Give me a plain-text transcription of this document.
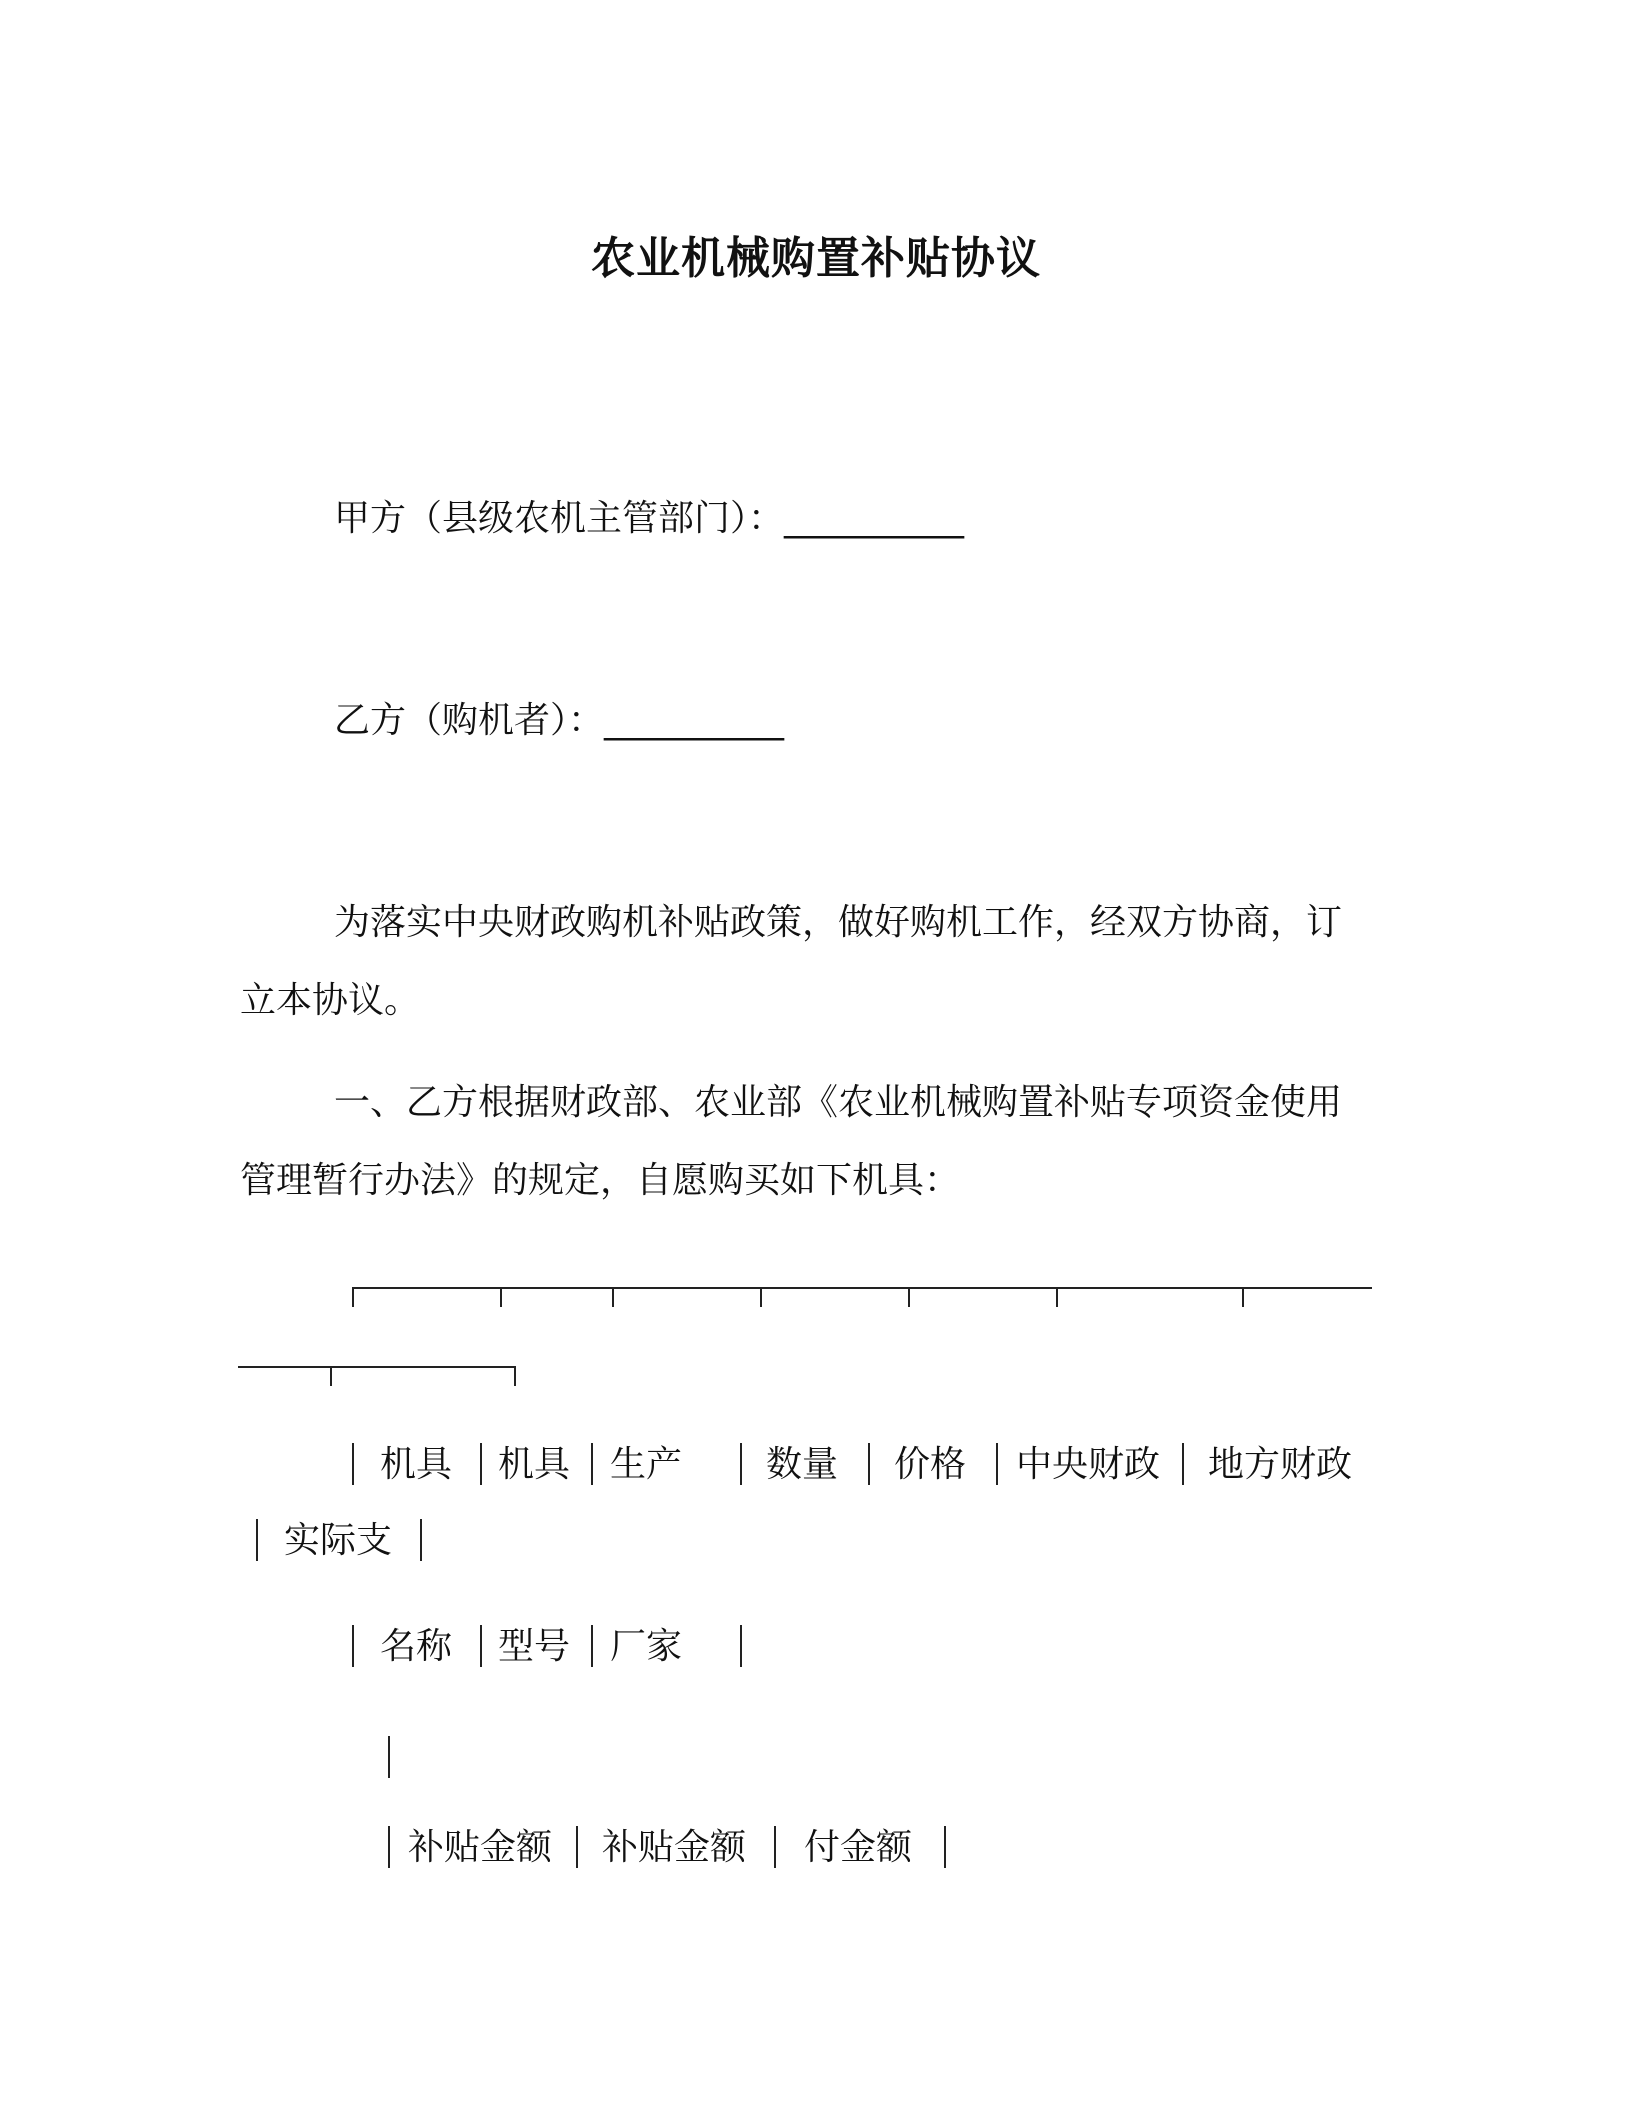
农业机械购置补贴协议
甲方（县级农机主管部门）：__________
乙方（购机者）：__________
为落实中央财政购机补贴政策，做好购机工作，经双方协商，订
立本协议。
一、乙方根据财政部、农业部《农业机械购置补贴专项资金使用
管理暂行办法》的规定，自愿购买如下机具：
机具 机具 生产 数量 价格 中央财政 地方财政
实际支
名称 型号 厂家
补贴金额 补贴金额 付金额
